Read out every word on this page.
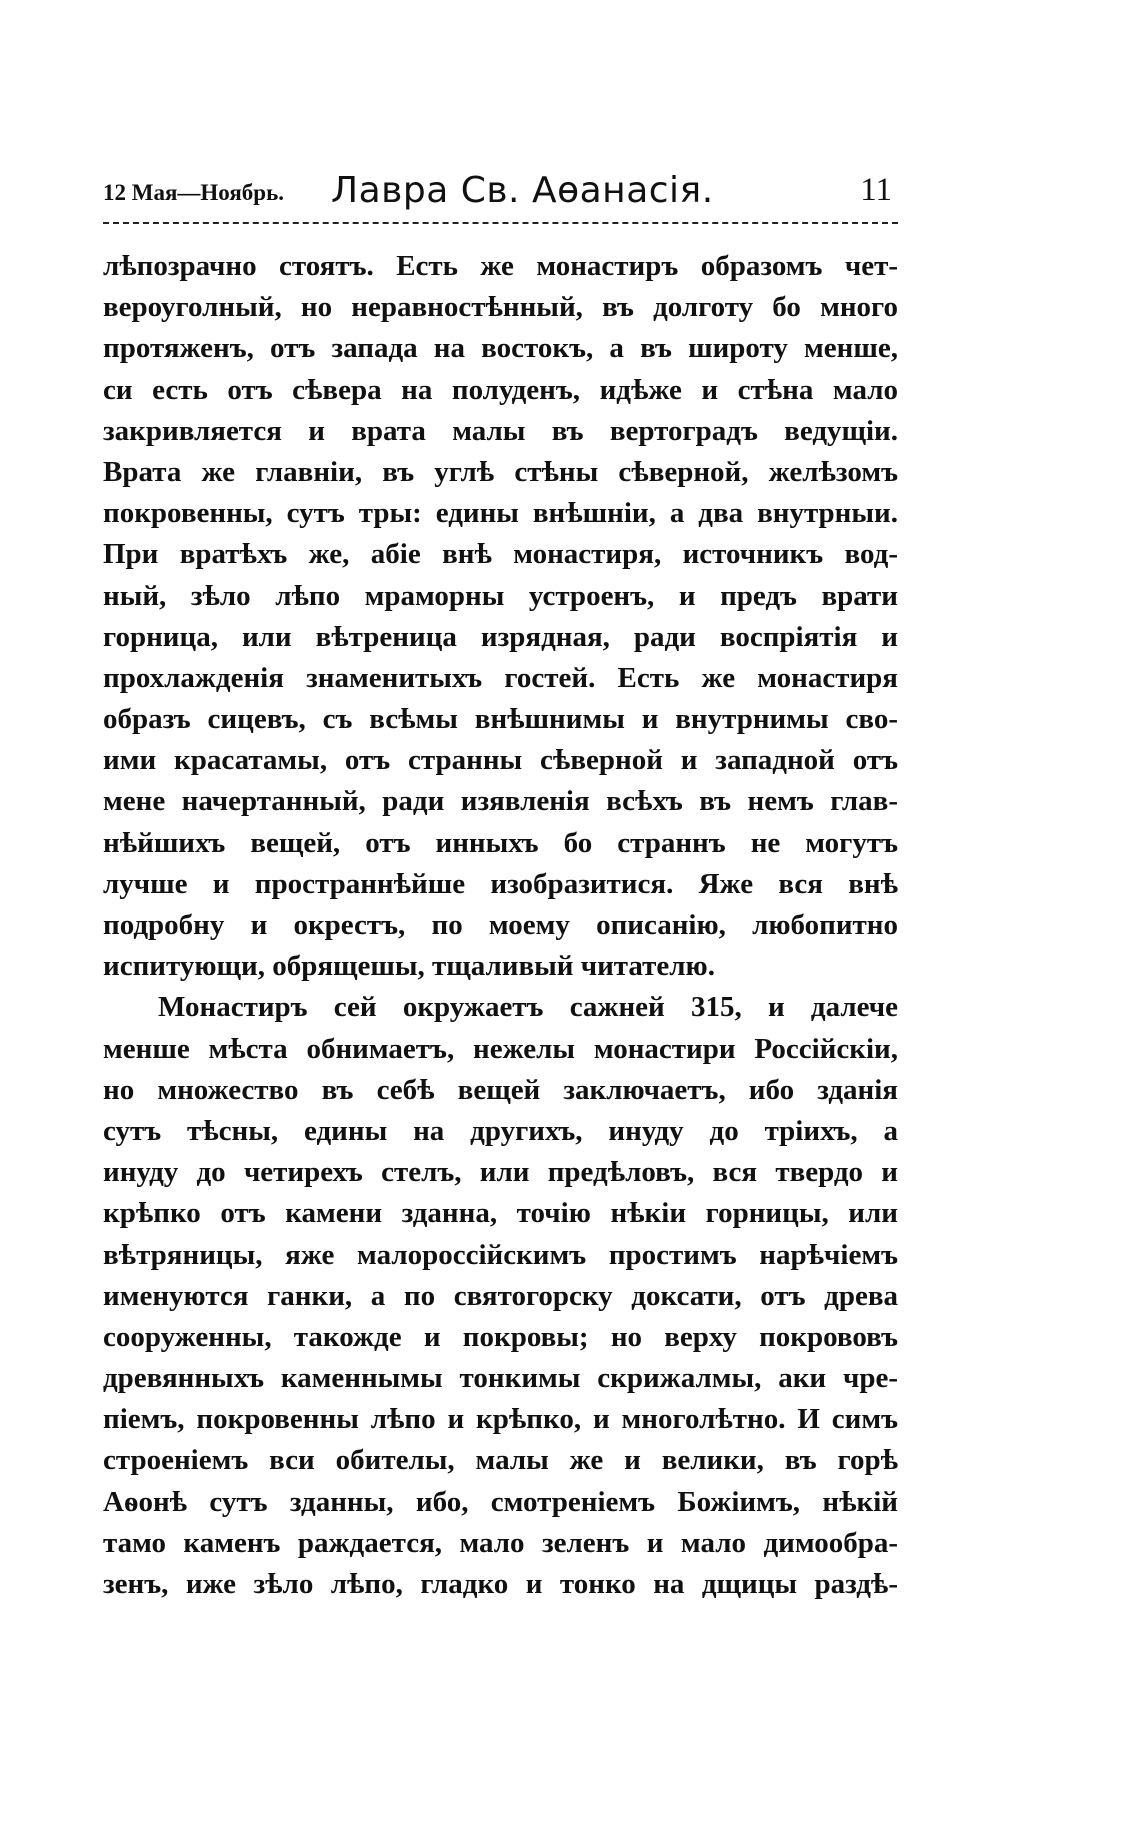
12 Мая—Ноябрь. Лавра Св. Аѳанасія.	11
лѣпозрачно стоятъ. Есть же монастиръ образомъ чет-
вероуголный, но неравностѣнный, въ долготу бо много
протяженъ, отъ запада на востокъ, а въ широту менше,
си есть отъ сѣвера на полуденъ, идѣже и стѣна мало
закривляется и врата малы въ вертоградъ ведущіи.
Врата же главніи, въ углѣ стѣны сѣверной, желѣзомъ
покровенны, сутъ тры: едины внѣшніи, а два внутрныи.
При вратѣхъ же, абіе внѣ монастиря, источникъ вод-
ный, зѣло лѣпо мраморны устроенъ, и предъ врати
горница, или вѣтреница изрядная, ради воспріятія и
прохлажденія знаменитыхъ гостей. Есть же монастиря
образъ сицевъ, съ всѣмы внѣшнимы и внутрнимы сво-
ими красатамы, отъ странны сѣверной и западной отъ
мене начертанный, ради изявленія всѣхъ въ немъ глав-
нѣйшихъ вещей, отъ инныхъ бо страннъ не могутъ
лучше и пространнѣйше изобразитися. Яже вся внѣ
подробну и окрестъ, по моему описанію, любопитно
испитующи, обрящешы, тщаливый читателю.
Монастиръ сей окружаетъ сажней 315, и далече
менше мѣста обнимаетъ, нежелы монастири Россійскіи,
но множество въ себѣ вещей заключаетъ, ибо зданія
сутъ тѣсны, едины на другихъ, инуду до тріихъ, а
инуду до четирехъ стелъ, или предѣловъ, вся твердо и
крѣпко отъ камени зданна, точію нѣкіи горницы, или
вѣтряницы, яже малороссійскимъ простимъ нарѣчіемъ
именуются ганки, а по святогорску доксати, отъ древа
сооруженны, такожде и покровы; но верху покрововъ
древянныхъ каменнымы тонкимы скрижалмы, аки чре-
піемъ, покровенны лѣпо и крѣпко, и многолѣтно. И симъ
строеніемъ вси обителы, малы же и велики, въ горѣ
Аѳонѣ сутъ зданны, ибо, смотреніемъ Божіимъ, нѣкій
тамо каменъ раждается, мало зеленъ и мало димообра-
зенъ, иже зѣло лѣпо, гладко и тонко на дщицы раздѣ-
